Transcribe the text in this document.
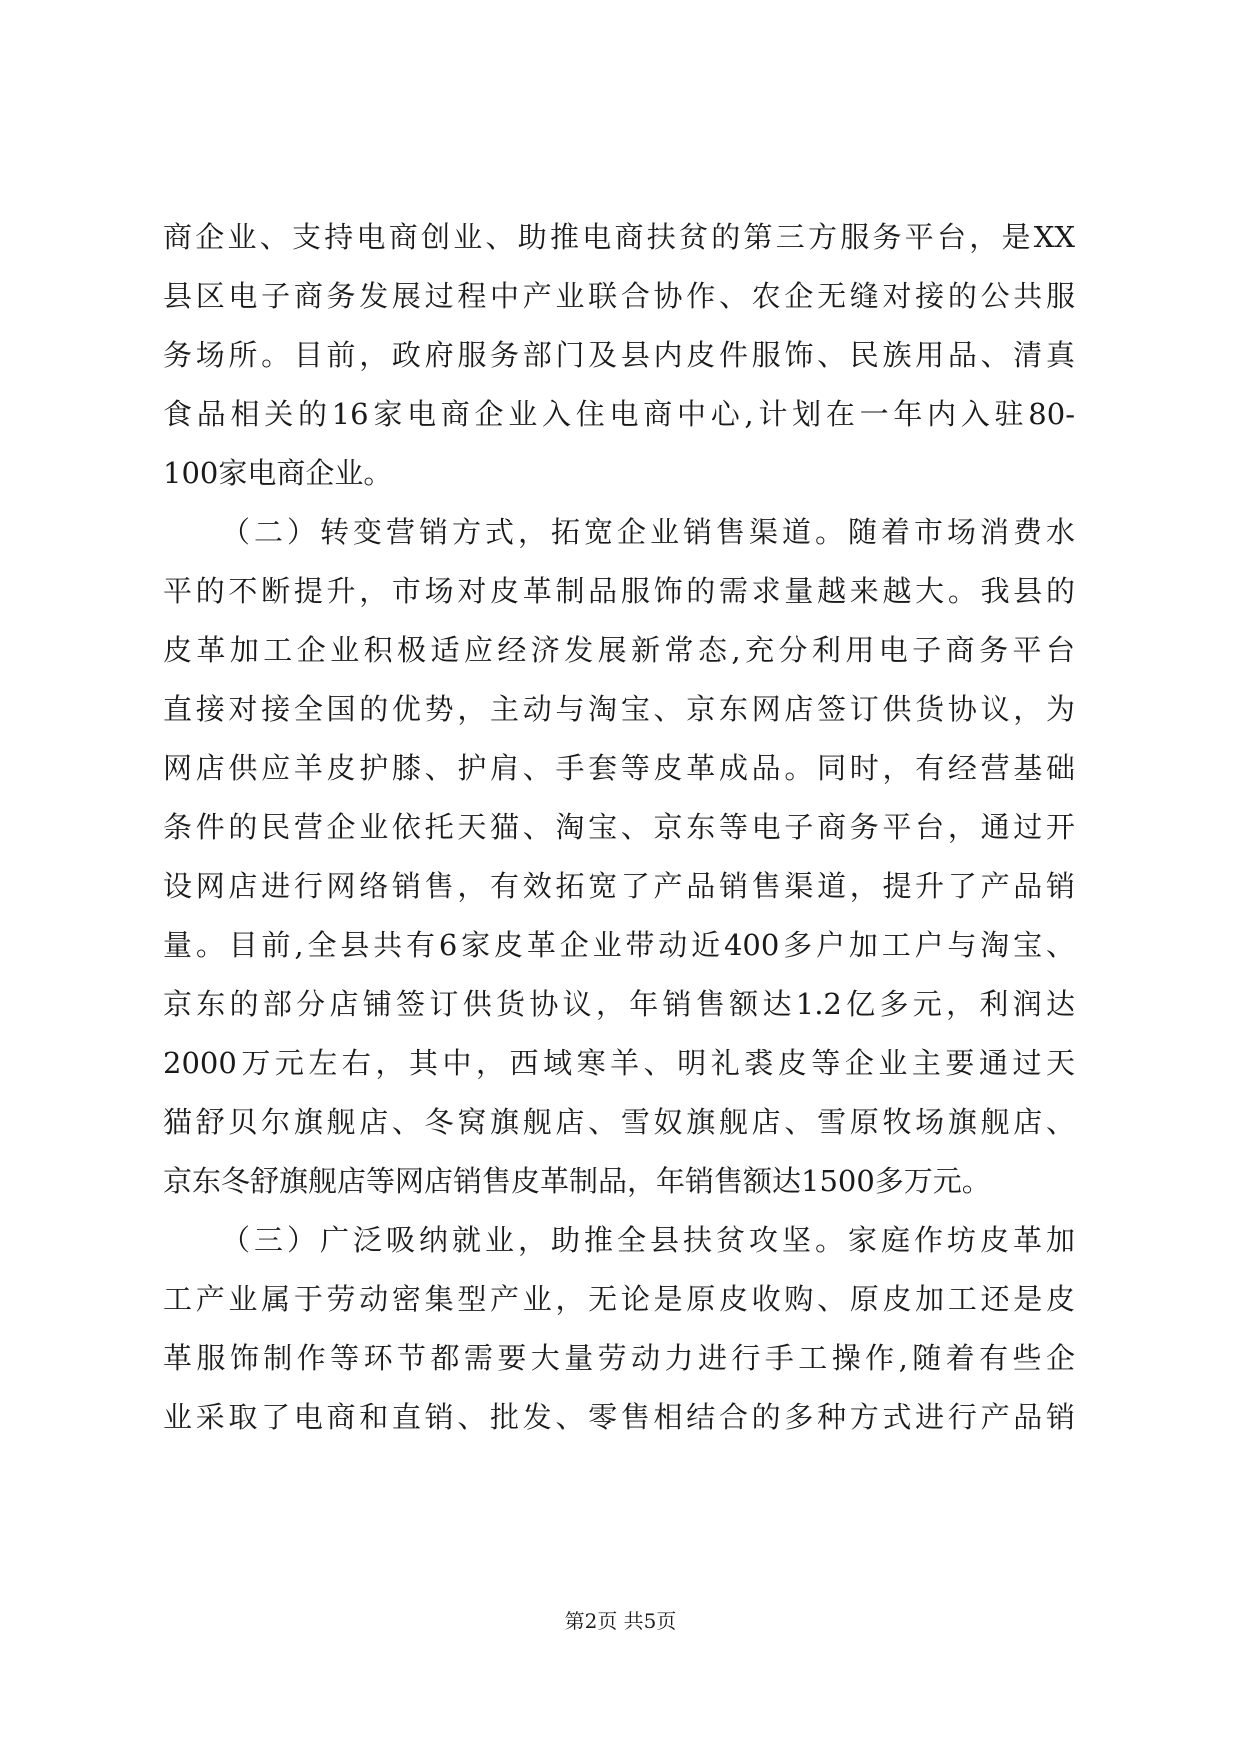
商企业、支持电商创业、助推电商扶贫的第三方服务平台，是XX
县区电子商务发展过程中产业联合协作、农企无缝对接的公共服
务场所。目前，政府服务部门及县内皮件服饰、民族用品、清真
食品相关的16家电商企业入住电商中心,计划在一年内入驻80-
100家电商企业。
（二）转变营销方式，拓宽企业销售渠道。随着市场消费水
平的不断提升，市场对皮革制品服饰的需求量越来越大。我县的
皮革加工企业积极适应经济发展新常态,充分利用电子商务平台
直接对接全国的优势，主动与淘宝、京东网店签订供货协议，为
网店供应羊皮护膝、护肩、手套等皮革成品。同时，有经营基础
条件的民营企业依托天猫、淘宝、京东等电子商务平台，通过开
设网店进行网络销售，有效拓宽了产品销售渠道，提升了产品销
量。目前,全县共有6家皮革企业带动近400多户加工户与淘宝、
京东的部分店铺签订供货协议，年销售额达1.2亿多元，利润达
2000万元左右，其中，西域寒羊、明礼裘皮等企业主要通过天
猫舒贝尔旗舰店、冬窝旗舰店、雪奴旗舰店、雪原牧场旗舰店、
京东冬舒旗舰店等网店销售皮革制品，年销售额达1500多万元。
（三）广泛吸纳就业，助推全县扶贫攻坚。家庭作坊皮革加
工产业属于劳动密集型产业，无论是原皮收购、原皮加工还是皮
革服饰制作等环节都需要大量劳动力进行手工操作,随着有些企
业采取了电商和直销、批发、零售相结合的多种方式进行产品销
第2页 共5页
